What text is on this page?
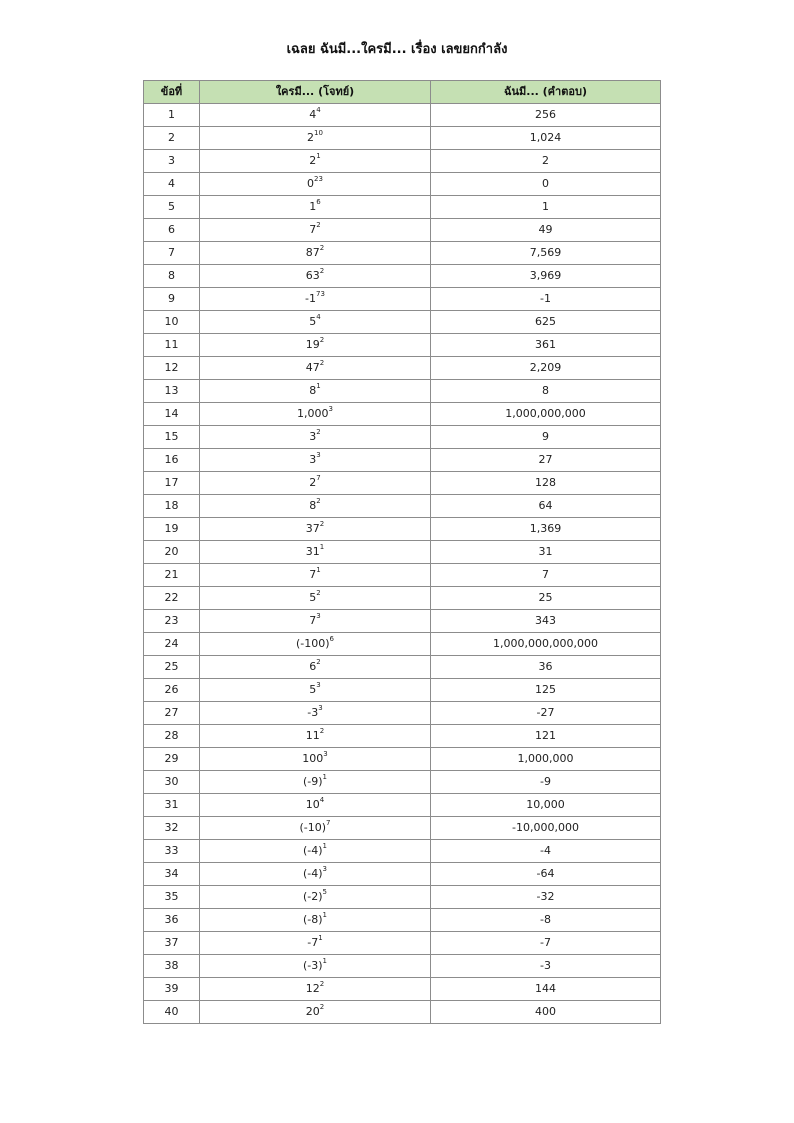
เฉลย ฉันมี...ใครมี... เรื่อง เลขยกกำลัง
ข้อที่	ใครมี... (โจทย์)	ฉันมี... (คำตอบ)
1	$4^4$	256
2	$2^{10}$	1,024
3	$2^1$	2
4	$0^{23}$	0
5	$1^6$	1
6	$7^2$	49
7	$87^2$	7,569
8	$63^2$	3,969
9	$-1^{73}$	-1
10	$5^4$	625
11	$19^2$	361
12	$47^2$	2,209
13	$8^1$	8
14	1,000$^3$	1,000,000,000
15	$3^2$	9
16	$3^3$	27
17	$2^7$	128
18	$8^2$	64
19	$37^2$	1,369
20	$31^1$	31
21	$7^1$	7
22	$5^2$	25
23	$7^3$	343
24	$(-100)^6$	1,000,000,000,000
25	$6^2$	36
26	$5^3$	125
27	$-3^3$	-27
28	$11^2$	121
29	$100^3$	1,000,000
30	$(-9)^1$	-9
31	$10^4$	10,000
32	$(-10)^7$	-10,000,000
33	$(-4)^1$	-4
34	$(-4)^3$	-64
35	$(-2)^5$	-32
36	$(-8)^1$	-8
37	$-7^1$	-7
38	$(-3)^1$	-3
39	$12^2$	144
40	$20^2$	400
